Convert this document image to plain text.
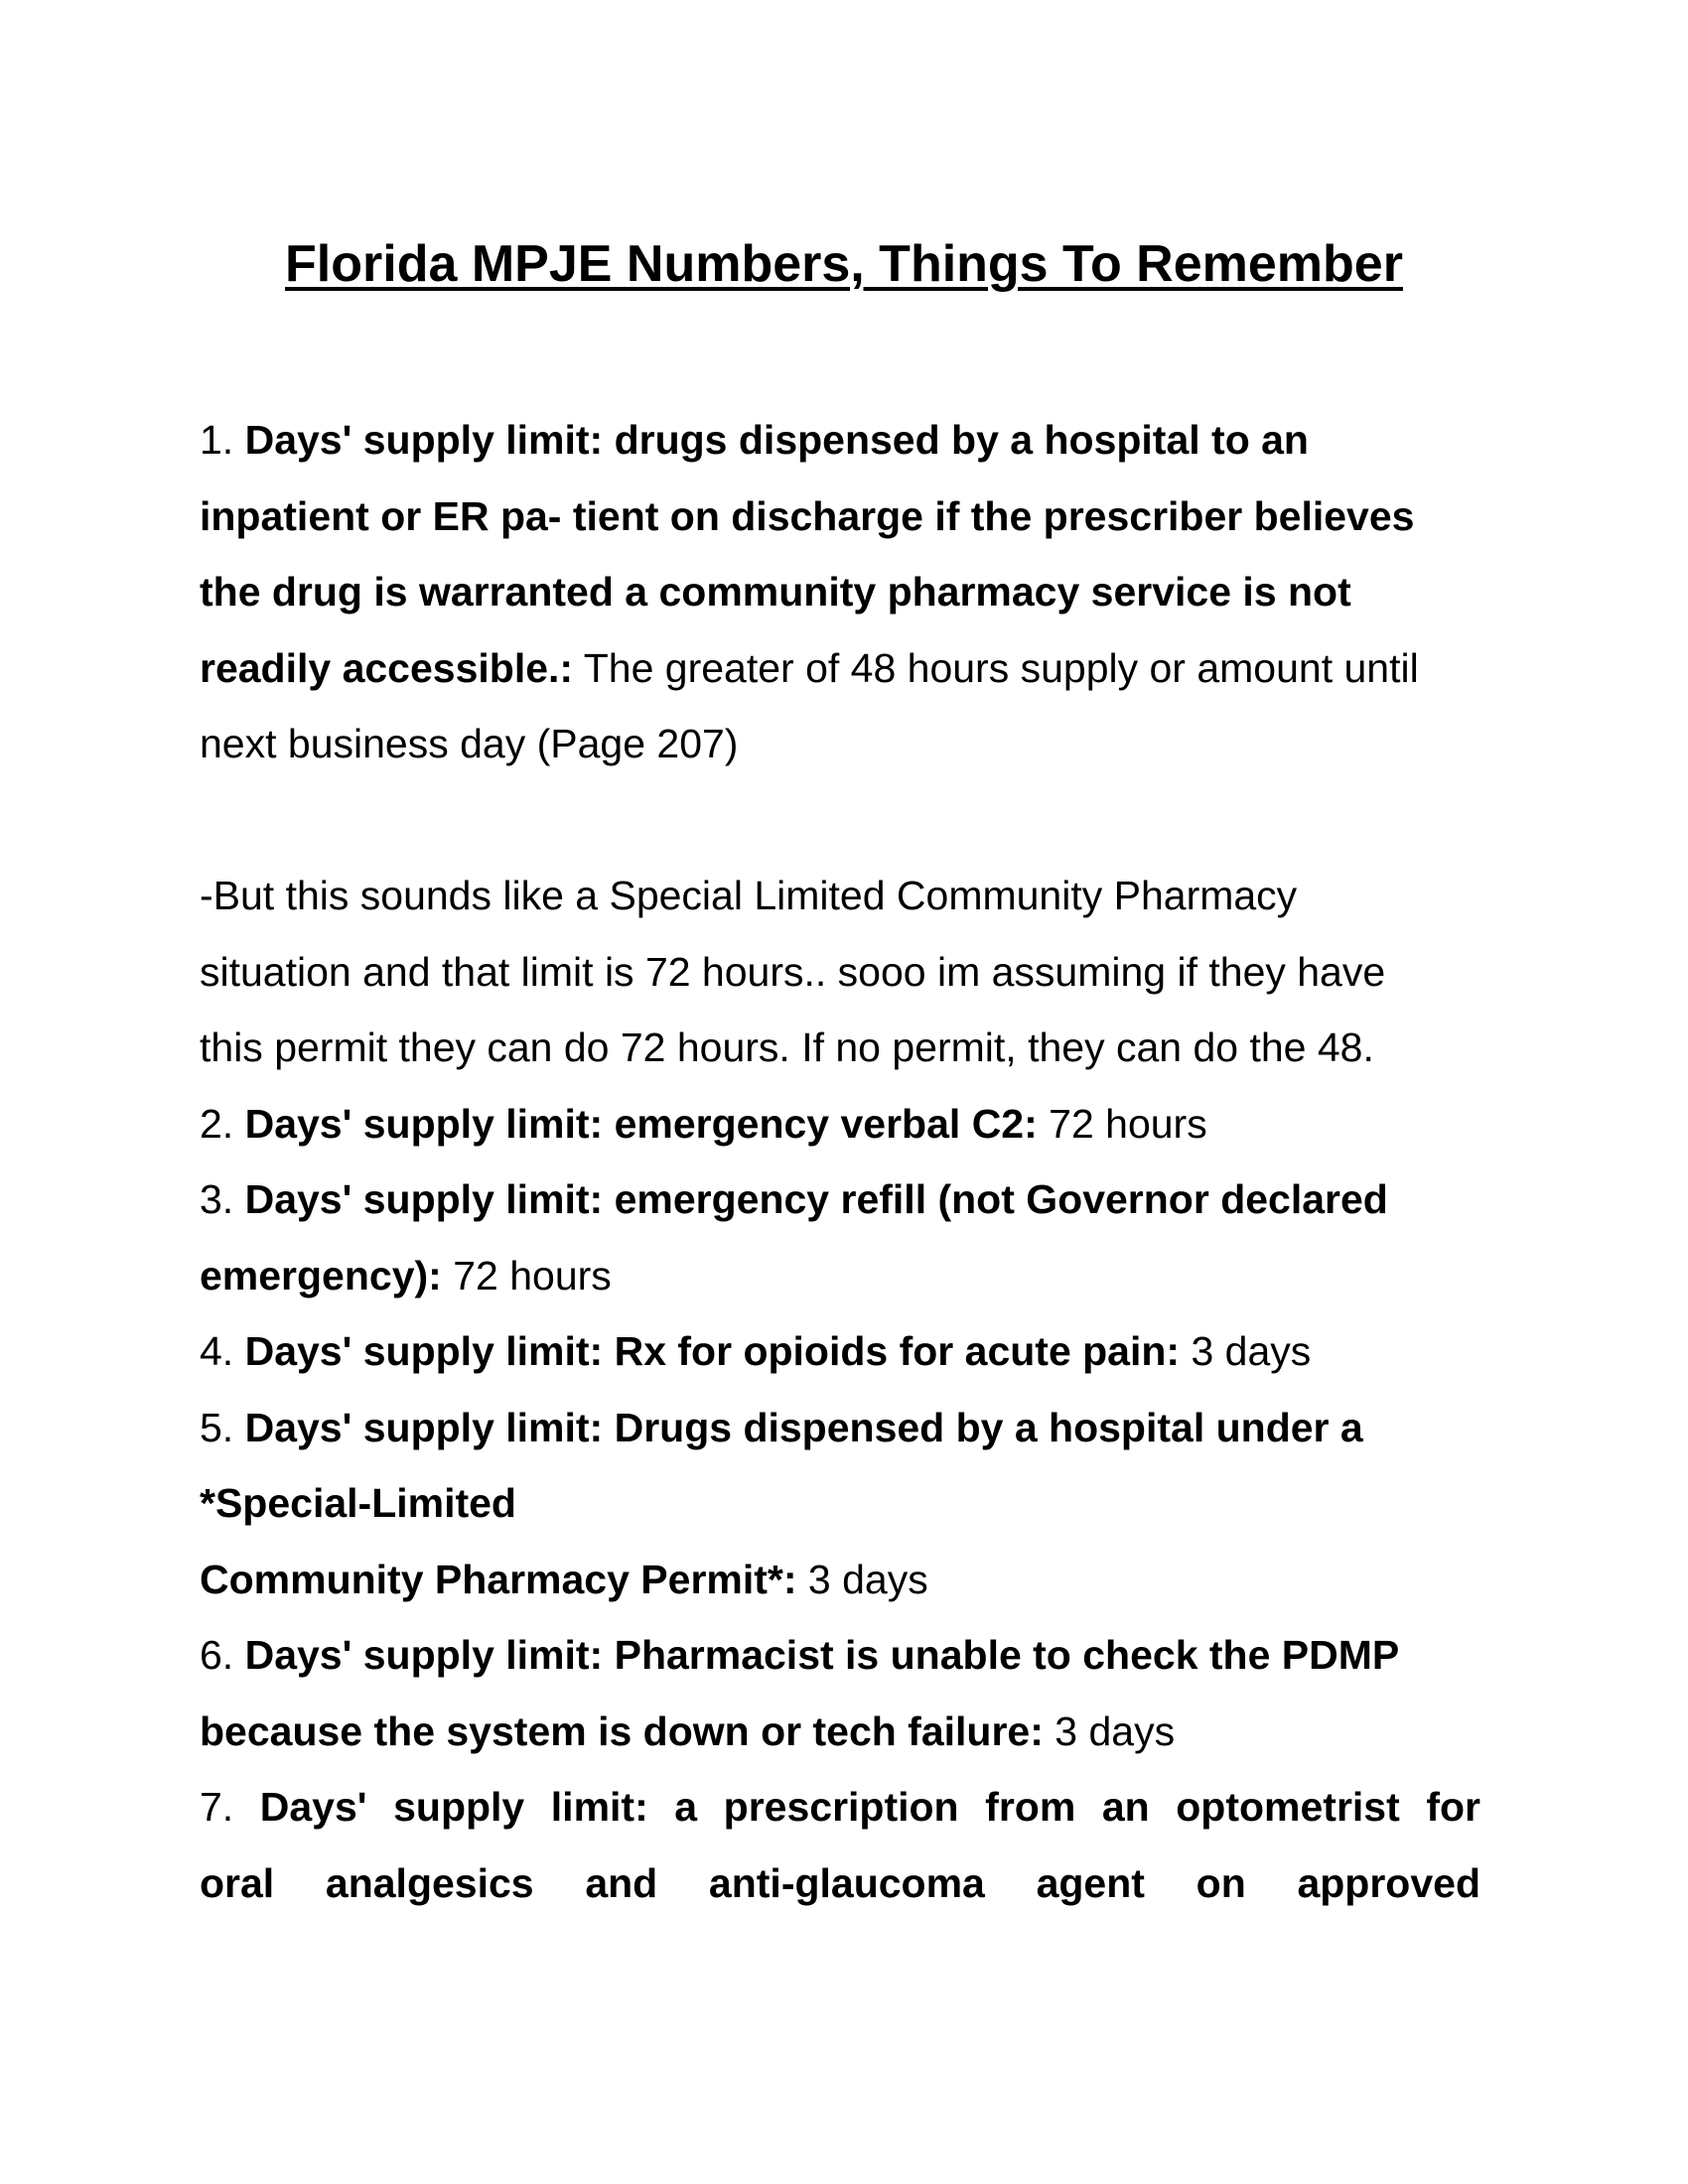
Florida MPJE Numbers, Things To Remember

1. Days' supply limit: drugs dispensed by a hospital to an inpatient or ER pa- tient on discharge if the prescriber believes the drug is warranted a community pharmacy service is not readily accessible.: The greater of 48 hours supply or amount until next business day (Page 207)

-But this sounds like a Special Limited Community Pharmacy
situation and that limit is 72 hours.. sooo im assuming if they have
this permit they can do 72 hours. If no permit, they can do the 48.

2. Days' supply limit: emergency verbal C2: 72 hours

3. Days' supply limit: emergency refill (not Governor declared emergency): 72 hours

4. Days' supply limit: Rx for opioids for acute pain: 3 days

5. Days' supply limit: Drugs dispensed by a hospital under a
*Special-Limited
Community Pharmacy Permit*: 3 days

6. Days' supply limit: Pharmacist is unable to check the PDMP because the system is down or tech failure: 3 days

7. Days' supply limit: a prescription from an optometrist for

oral analgesics and anti-glaucoma agent on approved
